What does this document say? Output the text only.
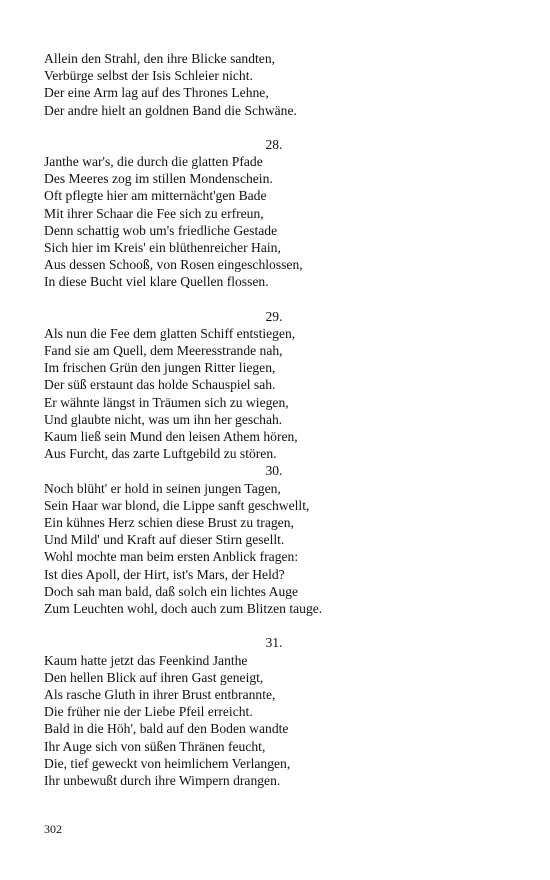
Allein den Strahl, den ihre Blicke sandten,
Verbürge selbst der Isis Schleier nicht.
Der eine Arm lag auf des Thrones Lehne,
Der andre hielt an goldnen Band die Schwäne.
28.
Janthe war's, die durch die glatten Pfade
Des Meeres zog im stillen Mondenschein.
Oft pflegte hier am mitternächt'gen Bade
Mit ihrer Schaar die Fee sich zu erfreun,
Denn schattig wob um's friedliche Gestade
Sich hier im Kreis' ein blüthenreicher Hain,
Aus dessen Schooß, von Rosen eingeschlossen,
In diese Bucht viel klare Quellen flossen.
29.
Als nun die Fee dem glatten Schiff entstiegen,
Fand sie am Quell, dem Meeresstrande nah,
Im frischen Grün den jungen Ritter liegen,
Der süß erstaunt das holde Schauspiel sah.
Er wähnte längst in Träumen sich zu wiegen,
Und glaubte nicht, was um ihn her geschah.
Kaum ließ sein Mund den leisen Athem hören,
Aus Furcht, das zarte Luftgebild zu stören.
30.
Noch blüht' er hold in seinen jungen Tagen,
Sein Haar war blond, die Lippe sanft geschwellt,
Ein kühnes Herz schien diese Brust zu tragen,
Und Mild' und Kraft auf dieser Stirn gesellt.
Wohl mochte man beim ersten Anblick fragen:
Ist dies Apoll, der Hirt, ist's Mars, der Held?
Doch sah man bald, daß solch ein lichtes Auge
Zum Leuchten wohl, doch auch zum Blitzen tauge.
31.
Kaum hatte jetzt das Feenkind Janthe
Den hellen Blick auf ihren Gast geneigt,
Als rasche Gluth in ihrer Brust entbrannte,
Die früher nie der Liebe Pfeil erreicht.
Bald in die Höh', bald auf den Boden wandte
Ihr Auge sich von süßen Thränen feucht,
Die, tief geweckt von heimlichem Verlangen,
Ihr unbewußt durch ihre Wimpern drangen.
302
